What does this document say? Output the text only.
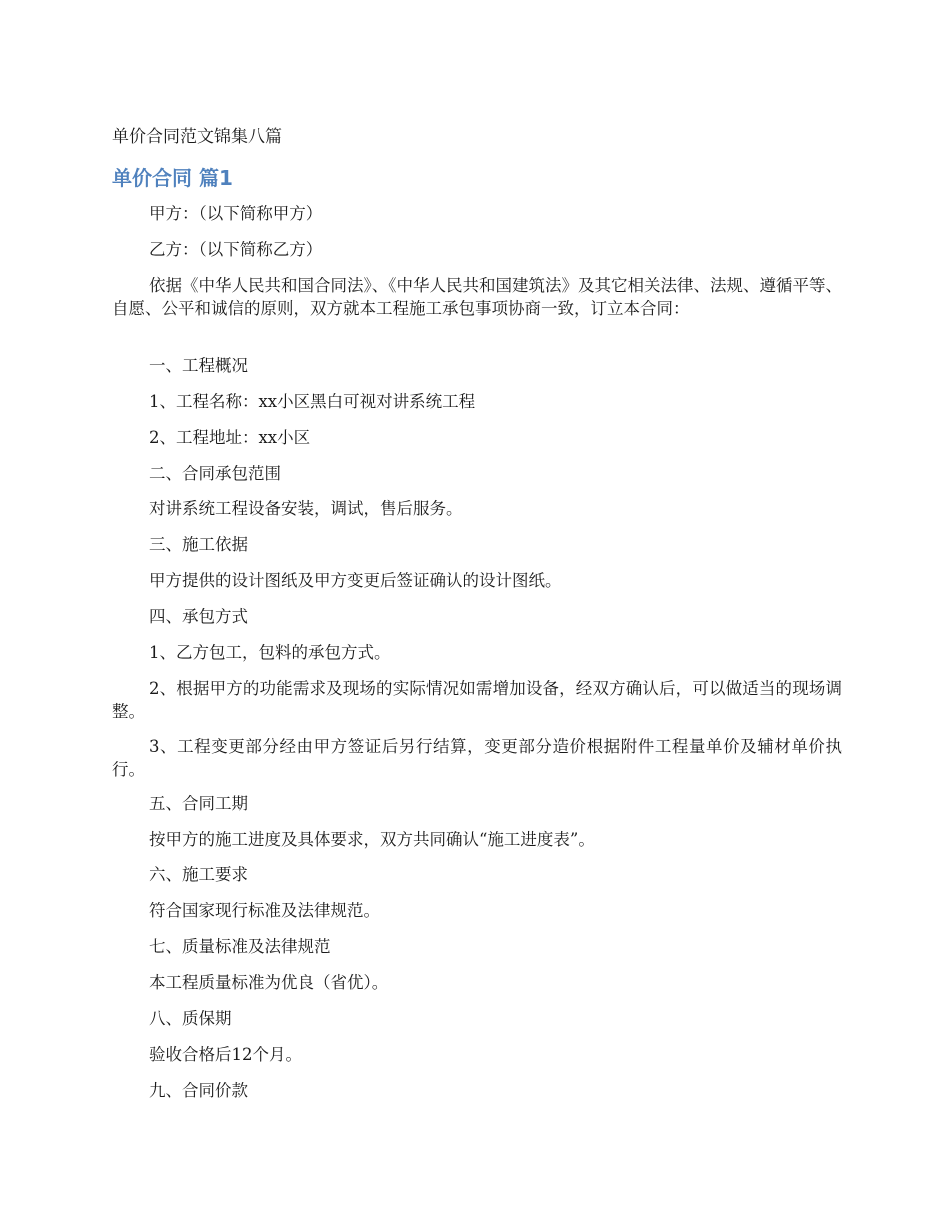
单价合同范文锦集八篇
单价合同 篇1

甲方：（以下简称甲方）

乙方：（以下简称乙方）

依据《中华人民共和国合同法》、《中华人民共和国建筑法》及其它相关法律、法规、遵循平等、自愿、公平和诚信的原则，双方就本工程施工承包事项协商一致，订立本合同：

一、工程概况

1、工程名称：xx小区黑白可视对讲系统工程

2、工程地址：xx小区

二、合同承包范围

对讲系统工程设备安装，调试，售后服务。

三、施工依据

甲方提供的设计图纸及甲方变更后签证确认的设计图纸。

四、承包方式

1、乙方包工，包料的承包方式。

2、根据甲方的功能需求及现场的实际情况如需增加设备，经双方确认后，可以做适当的现场调整。

3、工程变更部分经由甲方签证后另行结算，变更部分造价根据附件工程量单价及辅材单价执行。

五、合同工期

按甲方的施工进度及具体要求，双方共同确认“施工进度表”。

六、施工要求

符合国家现行标准及法律规范。

七、质量标准及法律规范

本工程质量标准为优良（省优）。

八、质保期

验收合格后12个月。

九、合同价款
